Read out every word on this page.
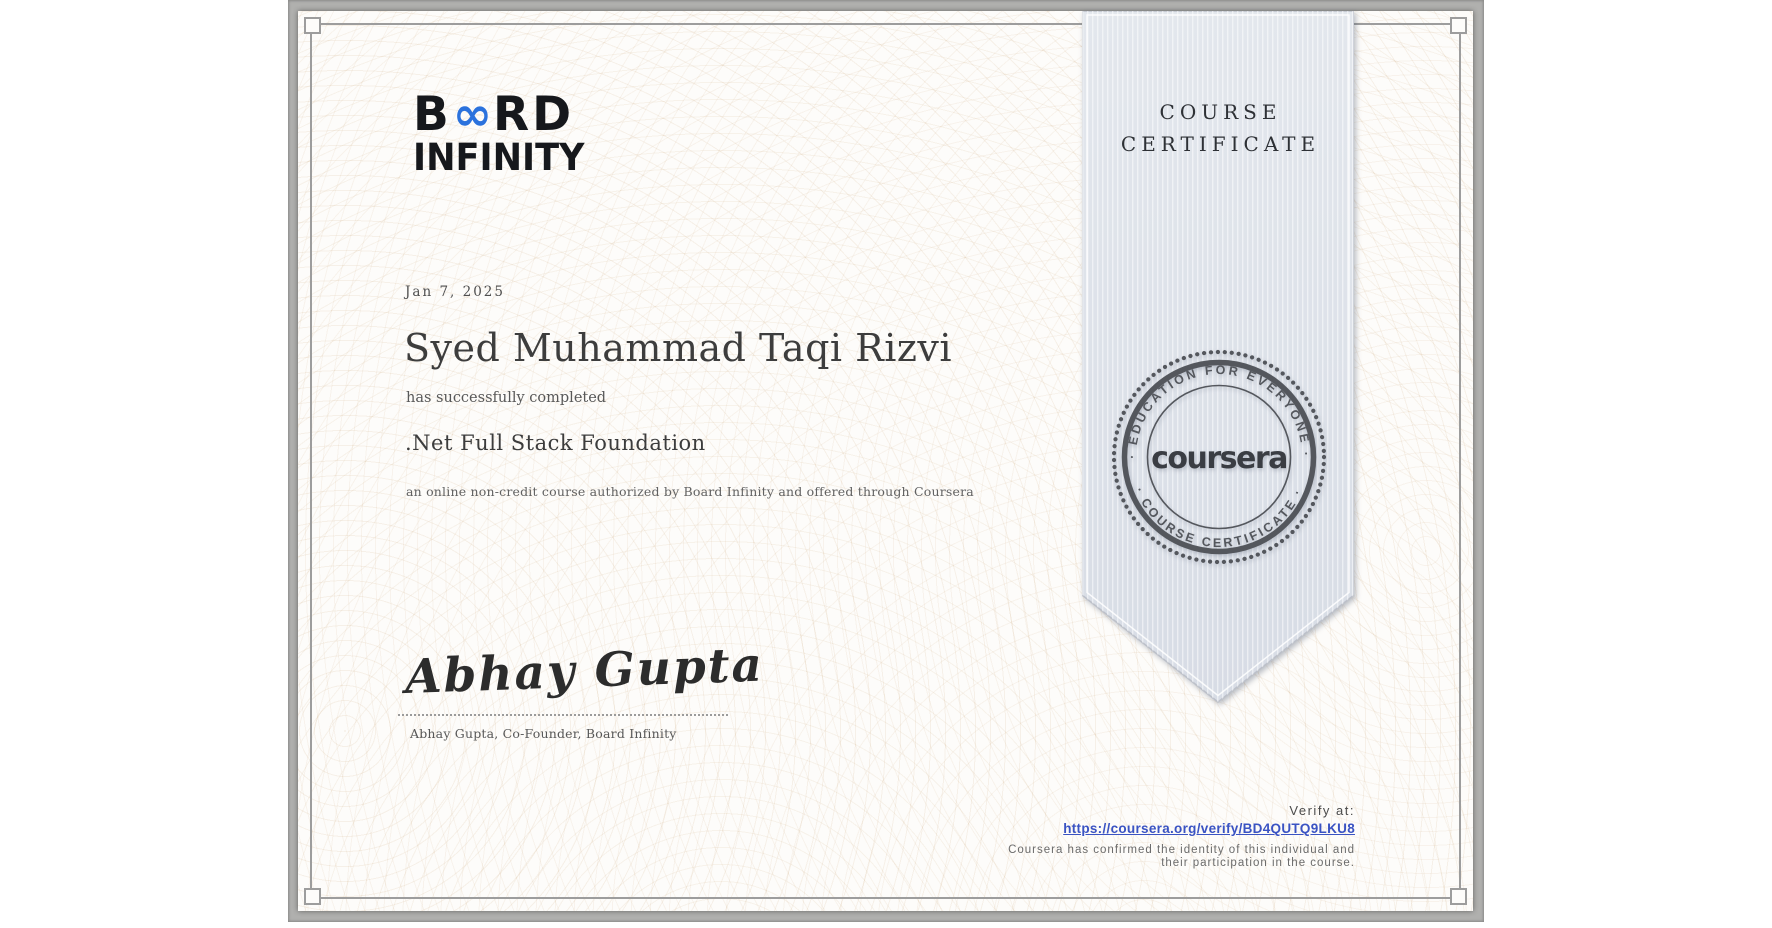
B∞RD
INFINITY
Jan 7, 2025
Syed Muhammad Taqi Rizvi
has successfully completed
.Net Full Stack Foundation
an online non-credit course authorized by Board Infinity and offered through Coursera
Abhay Gupta
Abhay Gupta, Co-Founder, Board Infinity
COURSE
CERTIFICATE
· EDUCATION FOR EVERYONE ·
· COURSE CERTIFICATE ·
coursera
Verify at:
https://coursera.org/verify/BD4QUTQ9LKU8
Coursera has confirmed the identity of this individual and
their participation in the course.
